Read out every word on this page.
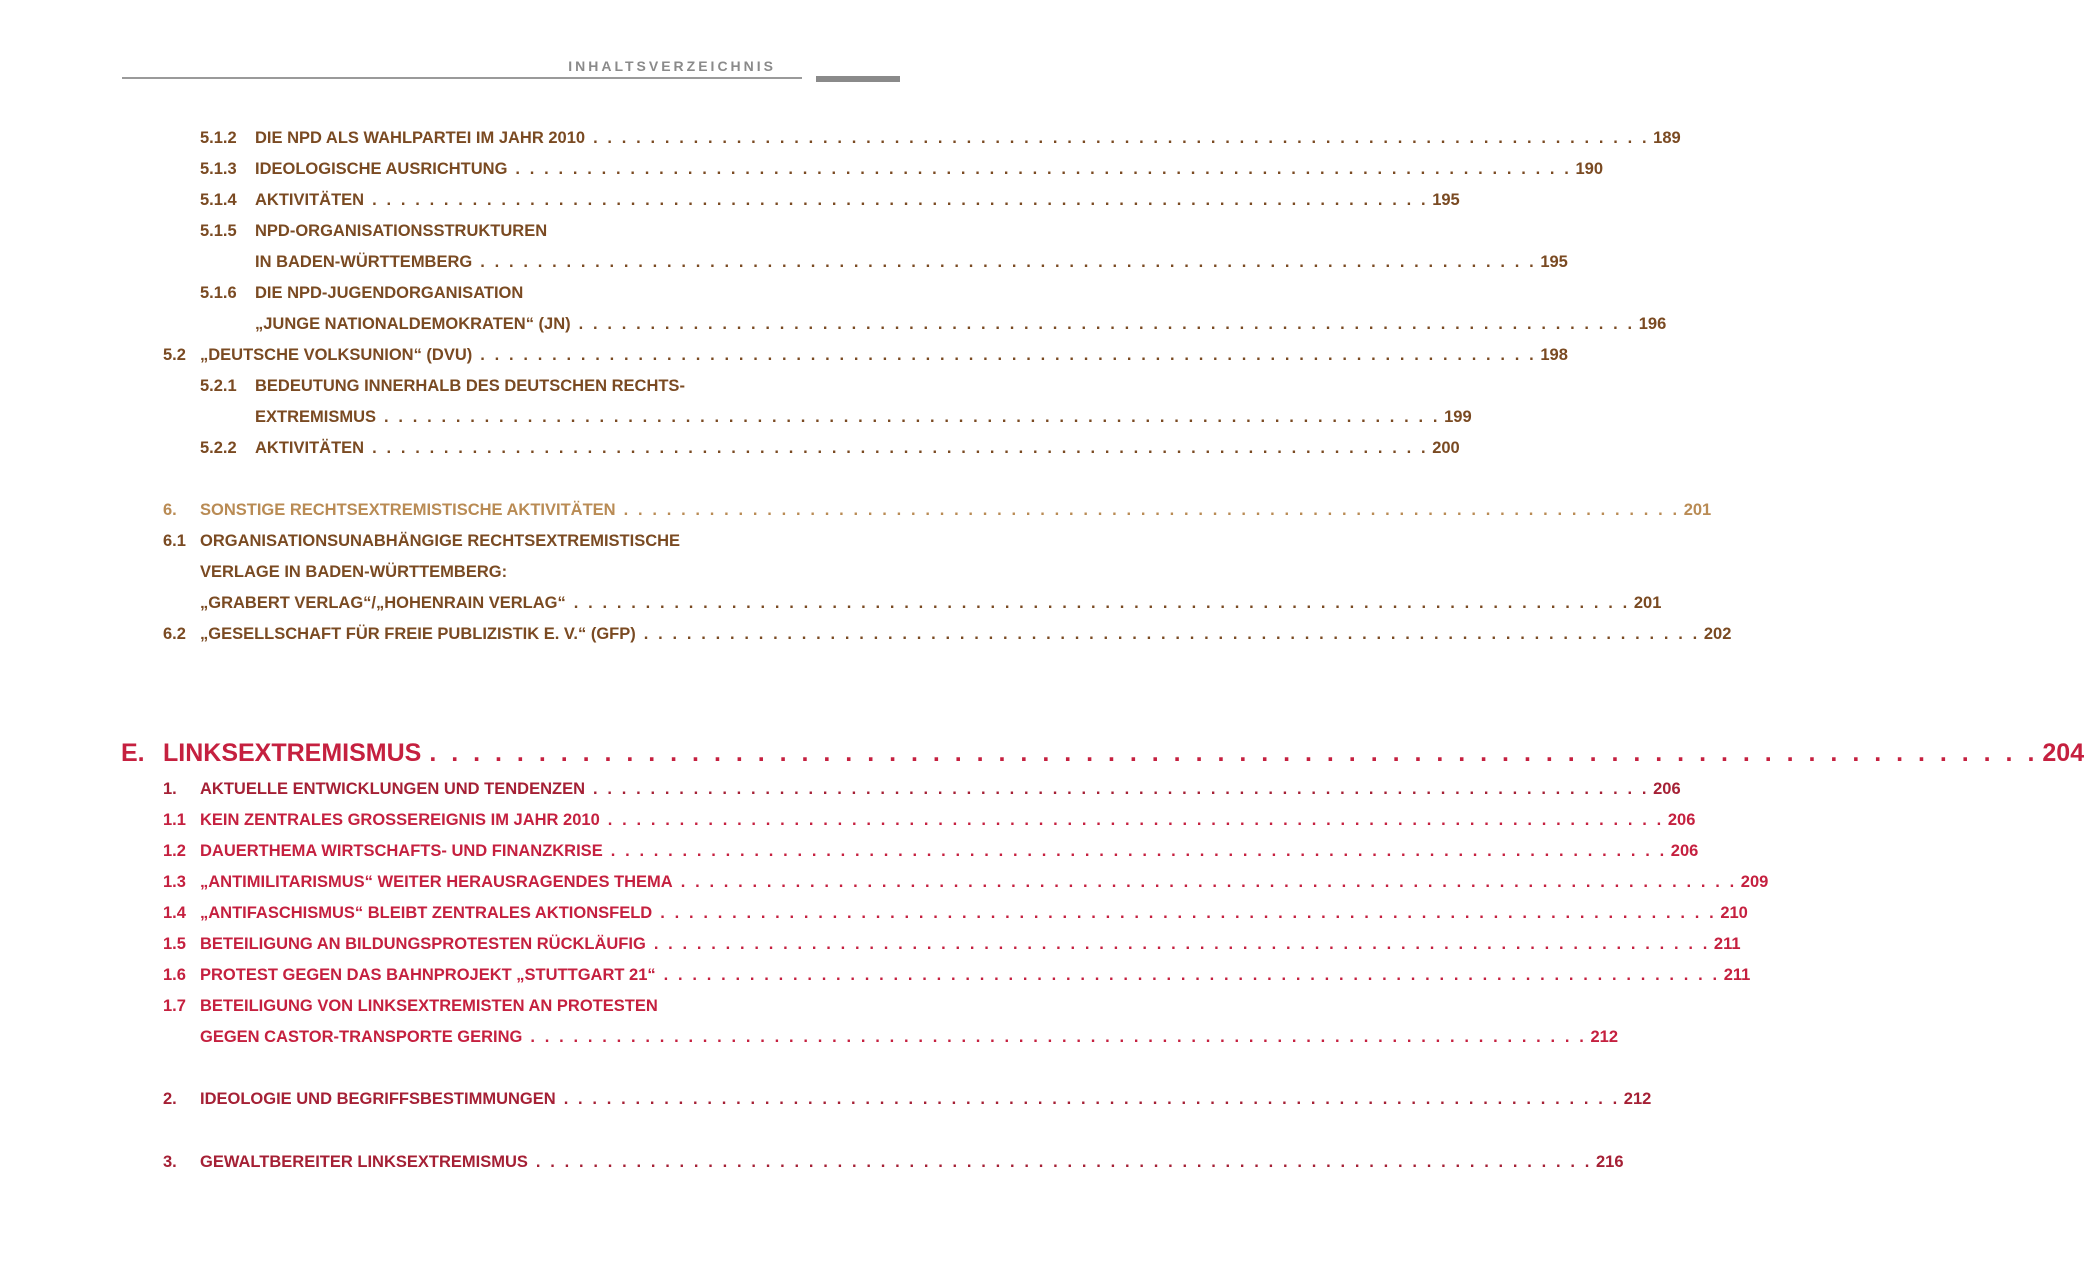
INHALTSVERZEICHNIS
5.1.2 DIE NPD ALS WAHLPARTEI IM JAHR 2010 . . . . . . . . . . . . . . . . . . . . . . . . . . . . . . . . . . . . . . . . . . . . . . . . . . . . . . . . . . . . . . . . . . . . . . . . . . 189
5.1.3 IDEOLOGISCHE AUSRICHTUNG . . . . . . . . . . . . . . . . . . . . . . . . . . . . . . . . . . . . . . . . . . . . . . . . . . . . . . . . . . . . . . . . . . . . . . . . . . 190
5.1.4 AKTIVITÄTEN . . . . . . . . . . . . . . . . . . . . . . . . . . . . . . . . . . . . . . . . . . . . . . . . . . . . . . . . . . . . . . . . . . . . . . . . . . 195
5.1.5 NPD-ORGANISATIONSSTRUKTUREN
IN BADEN-WÜRTTEMBERG . . . . . . . . . . . . . . . . . . . . . . . . . . . . . . . . . . . . . . . . . . . . . . . . . . . . . . . . . . . . . . . . . . . . . . . . . . 195
5.1.6 DIE NPD-JUGENDORGANISATION
„JUNGE NATIONALDEMOKRATEN“ (JN) . . . . . . . . . . . . . . . . . . . . . . . . . . . . . . . . . . . . . . . . . . . . . . . . . . . . . . . . . . . . . . . . . . . . . . . . . . 196
5.2 „DEUTSCHE VOLKSUNION“ (DVU) . . . . . . . . . . . . . . . . . . . . . . . . . . . . . . . . . . . . . . . . . . . . . . . . . . . . . . . . . . . . . . . . . . . . . . . . . . 198
5.2.1 BEDEUTUNG INNERHALB DES DEUTSCHEN RECHTS-
EXTREMISMUS . . . . . . . . . . . . . . . . . . . . . . . . . . . . . . . . . . . . . . . . . . . . . . . . . . . . . . . . . . . . . . . . . . . . . . . . . . 199
5.2.2 AKTIVITÄTEN . . . . . . . . . . . . . . . . . . . . . . . . . . . . . . . . . . . . . . . . . . . . . . . . . . . . . . . . . . . . . . . . . . . . . . . . . . 200
6. SONSTIGE RECHTSEXTREMISTISCHE AKTIVITÄTEN . . . . . . . . . . . . . . . . . . . . . . . . . . . . . . . . . . . . . . . . . . . . . . . . . . . . . . . . . . . . . . . . . . . . . . . . . . 201
6.1 ORGANISATIONSUNABHÄNGIGE RECHTSEXTREMISTISCHE
VERLAGE IN BADEN-WÜRTTEMBERG:
„GRABERT VERLAG“/„HOHENRAIN VERLAG“ . . . . . . . . . . . . . . . . . . . . . . . . . . . . . . . . . . . . . . . . . . . . . . . . . . . . . . . . . . . . . . . . . . . . . . . . . . 201
6.2 „GESELLSCHAFT FÜR FREIE PUBLIZISTIK E. V.“ (GFP) . . . . . . . . . . . . . . . . . . . . . . . . . . . . . . . . . . . . . . . . . . . . . . . . . . . . . . . . . . . . . . . . . . . . . . . . . . 202
E. LINKSEXTREMISMUS . . . . . . . . . . . . . . . . . . . . . . . . . . . . . . . . . . . . . . . . . . . . . . . . . . . . . . . . . . . . . . . . . . . . . . . . . . 204
1. AKTUELLE ENTWICKLUNGEN UND TENDENZEN . . . . . . . . . . . . . . . . . . . . . . . . . . . . . . . . . . . . . . . . . . . . . . . . . . . . . . . . . . . . . . . . . . . . . . . . . . 206
1.1 KEIN ZENTRALES GROSSEREIGNIS IM JAHR 2010 . . . . . . . . . . . . . . . . . . . . . . . . . . . . . . . . . . . . . . . . . . . . . . . . . . . . . . . . . . . . . . . . . . . . . . . . . . 206
1.2 DAUERTHEMA WIRTSCHAFTS- UND FINANZKRISE . . . . . . . . . . . . . . . . . . . . . . . . . . . . . . . . . . . . . . . . . . . . . . . . . . . . . . . . . . . . . . . . . . . . . . . . . . 206
1.3 „ANTIMILITARISMUS“ WEITER HERAUSRAGENDES THEMA . . . . . . . . . . . . . . . . . . . . . . . . . . . . . . . . . . . . . . . . . . . . . . . . . . . . . . . . . . . . . . . . . . . . . . . . . . 209
1.4 „ANTIFASCHISMUS“ BLEIBT ZENTRALES AKTIONSFELD . . . . . . . . . . . . . . . . . . . . . . . . . . . . . . . . . . . . . . . . . . . . . . . . . . . . . . . . . . . . . . . . . . . . . . . . . . 210
1.5 BETEILIGUNG AN BILDUNGSPROTESTEN RÜCKLÄUFIG . . . . . . . . . . . . . . . . . . . . . . . . . . . . . . . . . . . . . . . . . . . . . . . . . . . . . . . . . . . . . . . . . . . . . . . . . . 211
1.6 PROTEST GEGEN DAS BAHNPROJEKT „STUTTGART 21“ . . . . . . . . . . . . . . . . . . . . . . . . . . . . . . . . . . . . . . . . . . . . . . . . . . . . . . . . . . . . . . . . . . . . . . . . . . 211
1.7 BETEILIGUNG VON LINKSEXTREMISTEN AN PROTESTEN
GEGEN CASTOR-TRANSPORTE GERING . . . . . . . . . . . . . . . . . . . . . . . . . . . . . . . . . . . . . . . . . . . . . . . . . . . . . . . . . . . . . . . . . . . . . . . . . . 212
2. IDEOLOGIE UND BEGRIFFSBESTIMMUNGEN . . . . . . . . . . . . . . . . . . . . . . . . . . . . . . . . . . . . . . . . . . . . . . . . . . . . . . . . . . . . . . . . . . . . . . . . . . 212
3. GEWALTBEREITER LINKSEXTREMISMUS . . . . . . . . . . . . . . . . . . . . . . . . . . . . . . . . . . . . . . . . . . . . . . . . . . . . . . . . . . . . . . . . . . . . . . . . . . 216
